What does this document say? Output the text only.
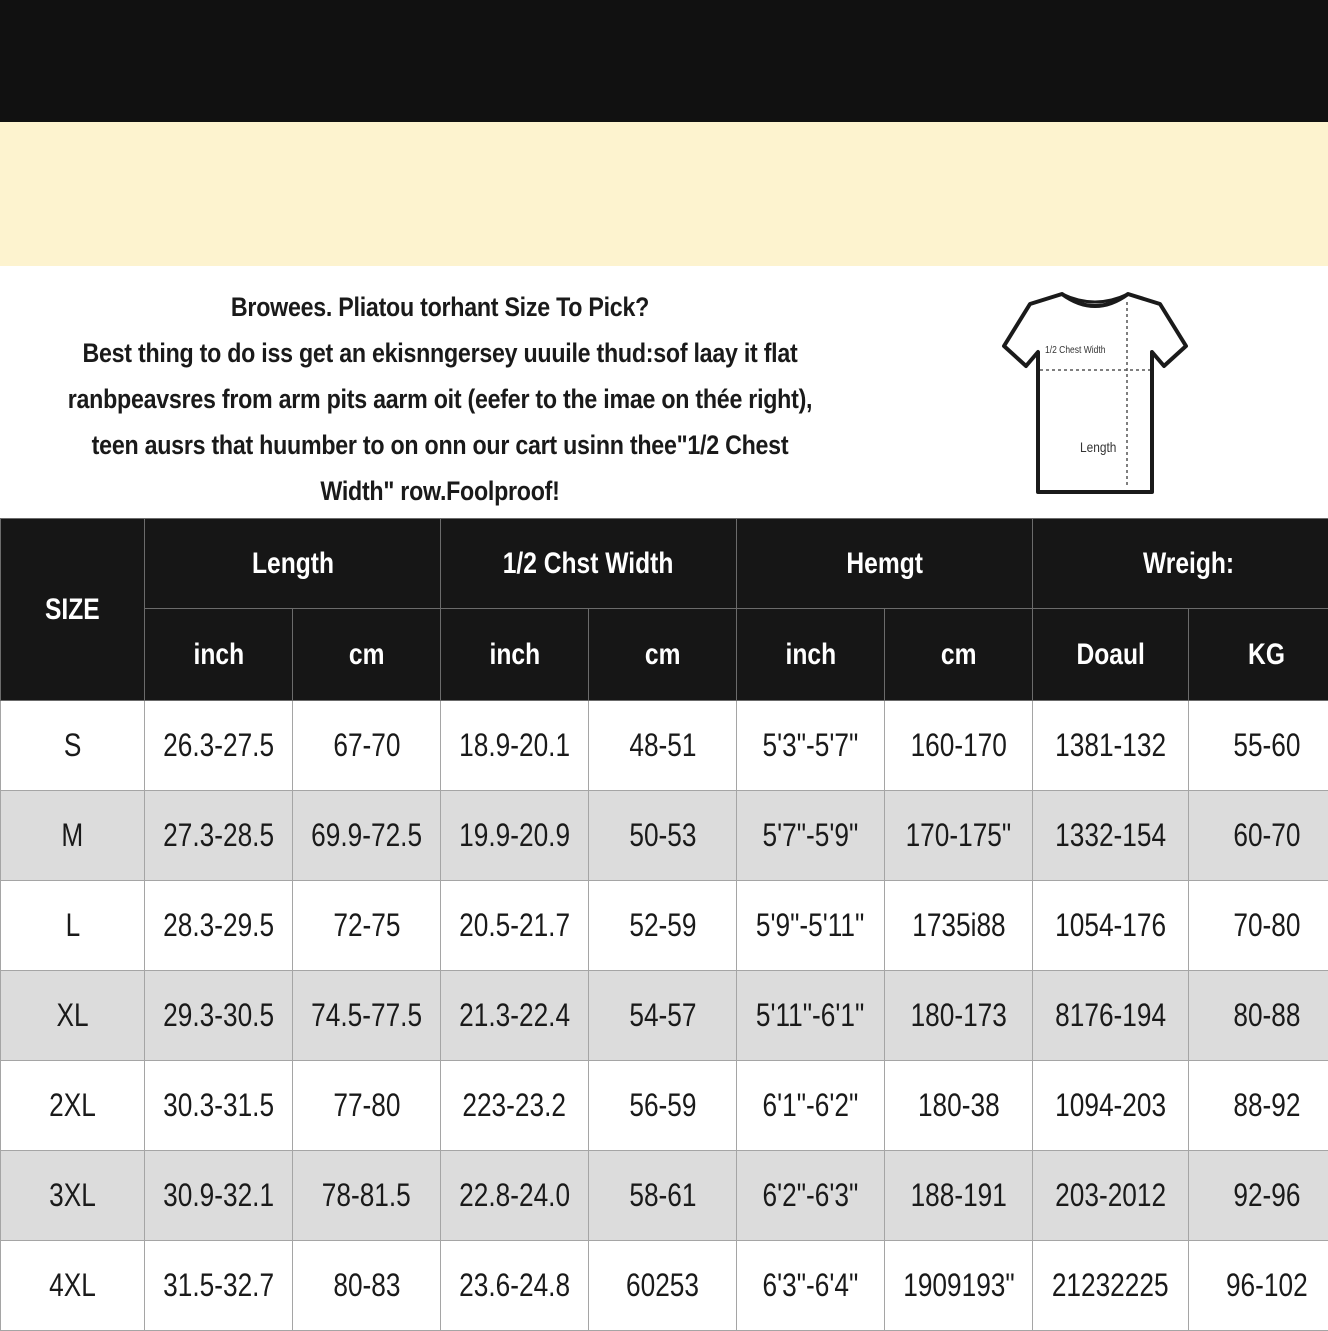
Browees. Pliatou torhant Size To Pick?
Best thing to do iss get an ekisnngersey uuuile thud:sof laay it flat
ranbpeavsres from arm pits aarm oit (eefer to the imae on thée right),
teen ausrs that huumber to on onn our cart usinn thee"1/2 Chest
Width" row.Foolproof!
1/2 Chest Width
Length
SIZE	Length		1/2 Chst Width		Hemgt		Wreigh:	
	inch	cm	inch	cm	inch	cm	Doaul	KG
S	26.3-27.5	67-70	18.9-20.1	48-51	5'3"-5'7"	160-170	1381-132	55-60
M	27.3-28.5	69.9-72.5	19.9-20.9	50-53	5'7"-5'9"	170-175"	1332-154	60-70
L	28.3-29.5	72-75	20.5-21.7	52-59	5'9"-5'11"	1735i88	1054-176	70-80
XL	29.3-30.5	74.5-77.5	21.3-22.4	54-57	5'11"-6'1"	180-173	8176-194	80-88
2XL	30.3-31.5	77-80	223-23.2	56-59	6'1"-6'2"	180-38	1094-203	88-92
3XL	30.9-32.1	78-81.5	22.8-24.0	58-61	6'2"-6'3"	188-191	203-2012	92-96
4XL	31.5-32.7	80-83	23.6-24.8	60253	6'3"-6'4"	1909193"	21232225	96-102
